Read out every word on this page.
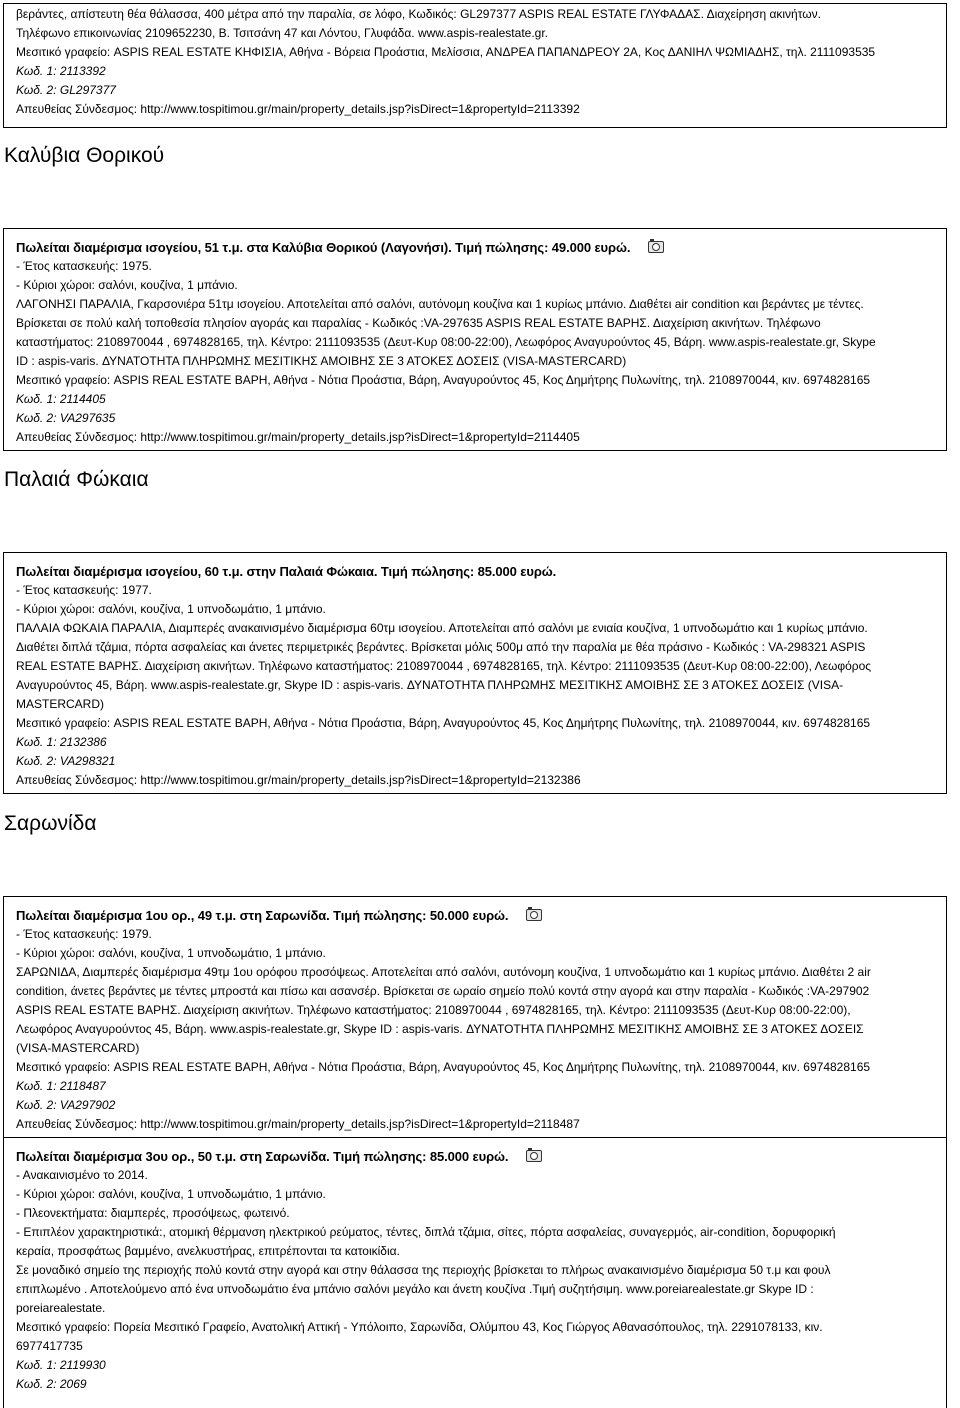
βεράντες, απίστευτη θέα θάλασσα, 400 μέτρα από την παραλία, σε λόφο, Κωδικός: GL297377 ASPIS REAL ESTATE ΓΛΥΦΑΔΑΣ. Διαχείρηση ακινήτων.

Τηλέφωνο επικοινωνίας 2109652230, Β. Τσιτσάνη 47 και Λόντου, Γλυφάδα. www.aspis-realestate.gr.

Μεσιτικό γραφείο: ASPIS REAL ESTATE ΚΗΦΙΣΙΑ, Αθήνα - Βόρεια Προάστια, Μελίσσια, ΑΝΔΡΕΑ ΠΑΠΑΝΔΡΕΟΥ 2Α, Κος ΔΑΝΙΗΛ ΨΩΜΙΑΔΗΣ, τηλ. 2111093535

Κωδ. 1: 2113392

Κωδ. 2: GL297377

Απευθείας Σύνδεσμος: http://www.tospitimou.gr/main/property_details.jsp?isDirect=1&propertyId=2113392

Καλύβια Θορικού

Πωλείται διαμέρισμα ισογείου, 51 τ.μ. στα Καλύβια Θορικού (Λαγονήσι). Τιμή πώλησης: 49.000 ευρώ.

- Έτος κατασκευής: 1975.

- Κύριοι χώροι: σαλόνι, κουζίνα, 1 μπάνιο.

ΛΑΓΟΝΗΣΙ ΠΑΡΑΛΙΑ, Γκαρσονιέρα 51τμ ισογείου. Αποτελείται από σαλόνι, αυτόνομη κουζίνα και 1 κυρίως μπάνιο. Διαθέτει air condition και βεράντες με τέντες.

Βρίσκεται σε πολύ καλή τοποθεσία πλησίον αγοράς και παραλίας - Κωδικός :VA-297635 ASPIS REAL ESTATE ΒΑΡΗΣ. Διαχείριση ακινήτων. Τηλέφωνο

καταστήματος: 2108970044 , 6974828165, τηλ. Κέντρο: 2111093535 (Δευτ-Κυρ 08:00-22:00), Λεωφόρος Αναγυρούντος 45, Βάρη. www.aspis-realestate.gr, Skype

ID : aspis-varis. ΔΥΝΑΤΟΤΗΤΑ ΠΛΗΡΩΜΗΣ ΜΕΣΙΤΙΚΗΣ ΑΜΟΙΒΗΣ ΣΕ 3 ΑΤΟΚΕΣ ΔΟΣΕΙΣ (VISA-MASTERCARD)

Μεσιτικό γραφείο: ASPIS REAL ESTATE ΒΑΡΗ, Αθήνα - Νότια Προάστια, Βάρη, Αναγυρούντος 45, Κος Δημήτρης Πυλωνίτης, τηλ. 2108970044, κιν. 6974828165

Κωδ. 1: 2114405

Κωδ. 2: VA297635

Απευθείας Σύνδεσμος: http://www.tospitimou.gr/main/property_details.jsp?isDirect=1&propertyId=2114405

Παλαιά Φώκαια

Πωλείται διαμέρισμα ισογείου, 60 τ.μ. στην Παλαιά Φώκαια. Τιμή πώλησης: 85.000 ευρώ.

- Έτος κατασκευής: 1977.

- Κύριοι χώροι: σαλόνι, κουζίνα, 1 υπνοδωμάτιο, 1 μπάνιο.

ΠΑΛΑΙΑ ΦΩΚΑΙΑ ΠΑΡΑΛΙΑ, Διαμπερές ανακαινισμένο διαμέρισμα 60τμ ισογείου. Αποτελείται από σαλόνι με ενιαία κουζίνα, 1 υπνοδωμάτιο και 1 κυρίως μπάνιο.

Διαθέτει διπλά τζάμια, πόρτα ασφαλείας και άνετες περιμετρικές βεράντες. Βρίσκεται μόλις 500μ από την παραλία με θέα πράσινο - Κωδικός : VA-298321 ASPIS

REAL ESTATE ΒΑΡΗΣ. Διαχείριση ακινήτων. Τηλέφωνο καταστήματος: 2108970044 , 6974828165, τηλ. Κέντρο: 2111093535 (Δευτ-Κυρ 08:00-22:00), Λεωφόρος

Αναγυρούντος 45, Βάρη. www.aspis-realestate.gr, Skype ID : aspis-varis. ΔΥΝΑΤΟΤΗΤΑ ΠΛΗΡΩΜΗΣ ΜΕΣΙΤΙΚΗΣ ΑΜΟΙΒΗΣ ΣΕ 3 ΑΤΟΚΕΣ ΔΟΣΕΙΣ (VISA-

MASTERCARD)

Μεσιτικό γραφείο: ASPIS REAL ESTATE ΒΑΡΗ, Αθήνα - Νότια Προάστια, Βάρη, Αναγυρούντος 45, Κος Δημήτρης Πυλωνίτης, τηλ. 2108970044, κιν. 6974828165

Κωδ. 1: 2132386

Κωδ. 2: VA298321

Απευθείας Σύνδεσμος: http://www.tospitimou.gr/main/property_details.jsp?isDirect=1&propertyId=2132386

Σαρωνίδα

Πωλείται διαμέρισμα 1ου ορ., 49 τ.μ. στη Σαρωνίδα. Τιμή πώλησης: 50.000 ευρώ.

- Έτος κατασκευής: 1979.

- Κύριοι χώροι: σαλόνι, κουζίνα, 1 υπνοδωμάτιο, 1 μπάνιο.

ΣΑΡΩΝΙΔΑ, Διαμπερές διαμέρισμα 49τμ 1ου ορόφου προσόψεως. Αποτελείται από σαλόνι, αυτόνομη κουζίνα, 1 υπνοδωμάτιο και 1 κυρίως μπάνιο. Διαθέτει 2 air

condition, άνετες βεράντες με τέντες μπροστά και πίσω και ασανσέρ. Βρίσκεται σε ωραίο σημείο πολύ κοντά στην αγορά και στην παραλία - Κωδικός :VA-297902

ASPIS REAL ESTATE ΒΑΡΗΣ. Διαχείριση ακινήτων. Τηλέφωνο καταστήματος: 2108970044 , 6974828165, τηλ. Κέντρο: 2111093535 (Δευτ-Κυρ 08:00-22:00),

Λεωφόρος Αναγυρούντος 45, Βάρη. www.aspis-realestate.gr, Skype ID : aspis-varis. ΔΥΝΑΤΟΤΗΤΑ ΠΛΗΡΩΜΗΣ ΜΕΣΙΤΙΚΗΣ ΑΜΟΙΒΗΣ ΣΕ 3 ΑΤΟΚΕΣ ΔΟΣΕΙΣ

(VISA-MASTERCARD)

Μεσιτικό γραφείο: ASPIS REAL ESTATE ΒΑΡΗ, Αθήνα - Νότια Προάστια, Βάρη, Αναγυρούντος 45, Κος Δημήτρης Πυλωνίτης, τηλ. 2108970044, κιν. 6974828165

Κωδ. 1: 2118487

Κωδ. 2: VA297902

Απευθείας Σύνδεσμος: http://www.tospitimou.gr/main/property_details.jsp?isDirect=1&propertyId=2118487

Πωλείται διαμέρισμα 3ου ορ., 50 τ.μ. στη Σαρωνίδα. Τιμή πώλησης: 85.000 ευρώ.

- Ανακαινισμένο το 2014.

- Κύριοι χώροι: σαλόνι, κουζίνα, 1 υπνοδωμάτιο, 1 μπάνιο.

- Πλεονεκτήματα: διαμπερές, προσόψεως, φωτεινό.

- Επιπλέον χαρακτηριστικά:, ατομική θέρμανση ηλεκτρικού ρεύματος, τέντες, διπλά τζάμια, σίτες, πόρτα ασφαλείας, συναγερμός, air-condition, δορυφορική

κεραία, προσφάτως βαμμένο, ανελκυστήρας, επιτρέπονται τα κατοικίδια.

Σε μοναδικό σημείο της περιοχής πολύ κοντά στην αγορά και στην θάλασσα της περιοχής βρίσκεται το πλήρως ανακαινισμένο διαμέρισμα 50 τ.μ και φουλ

επιπλωμένο . Αποτελούμενο από ένα υπνοδωμάτιο ένα μπάνιο σαλόνι μεγάλο και άνετη κουζίνα .Τιμή συζητήσιμη. www.poreiarealestate.gr Skype ID :

poreiarealestate.

Μεσιτικό γραφείο: Πορεία Μεσιτικό Γραφείο, Ανατολική Αττική - Υπόλοιπο, Σαρωνίδα, Ολύμπου 43, Κος Γιώργος Αθανασόπουλος, τηλ. 2291078133, κιν.

6977417735

Κωδ. 1: 2119930

Κωδ. 2: 2069
